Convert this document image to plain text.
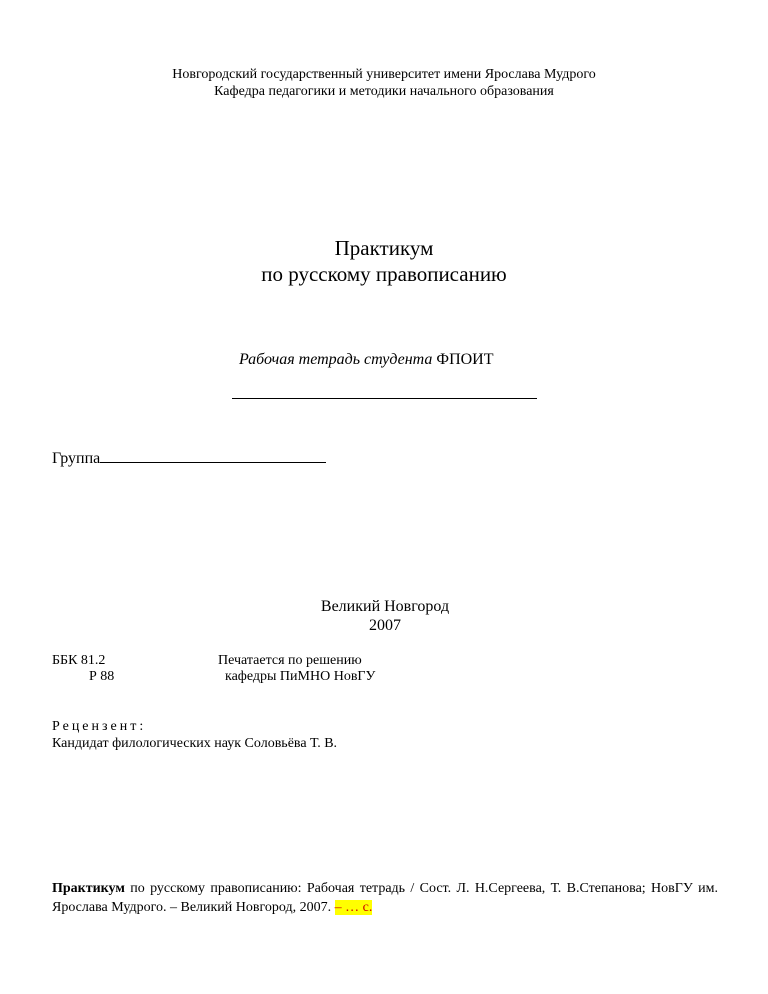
Новгородский государственный университет имени Ярослава Мудрого
Кафедра педагогики и методики начального образования
Практикум
по русскому правописанию
Рабочая тетрадь студента ФПОИТ
Группа
Великий Новгород
2007
ББК 81.2
Р 88
Печатается по решению
кафедры ПиМНО НовГУ
Рецензент:
Кандидат филологических наук Соловьёва Т. В.
Практикум по русскому правописанию: Рабочая тетрадь / Сост. Л. Н.Сергеева, Т. В.Степанова; НовГУ им. Ярослава Мудрого. – Великий Новгород, 2007. – … с.
